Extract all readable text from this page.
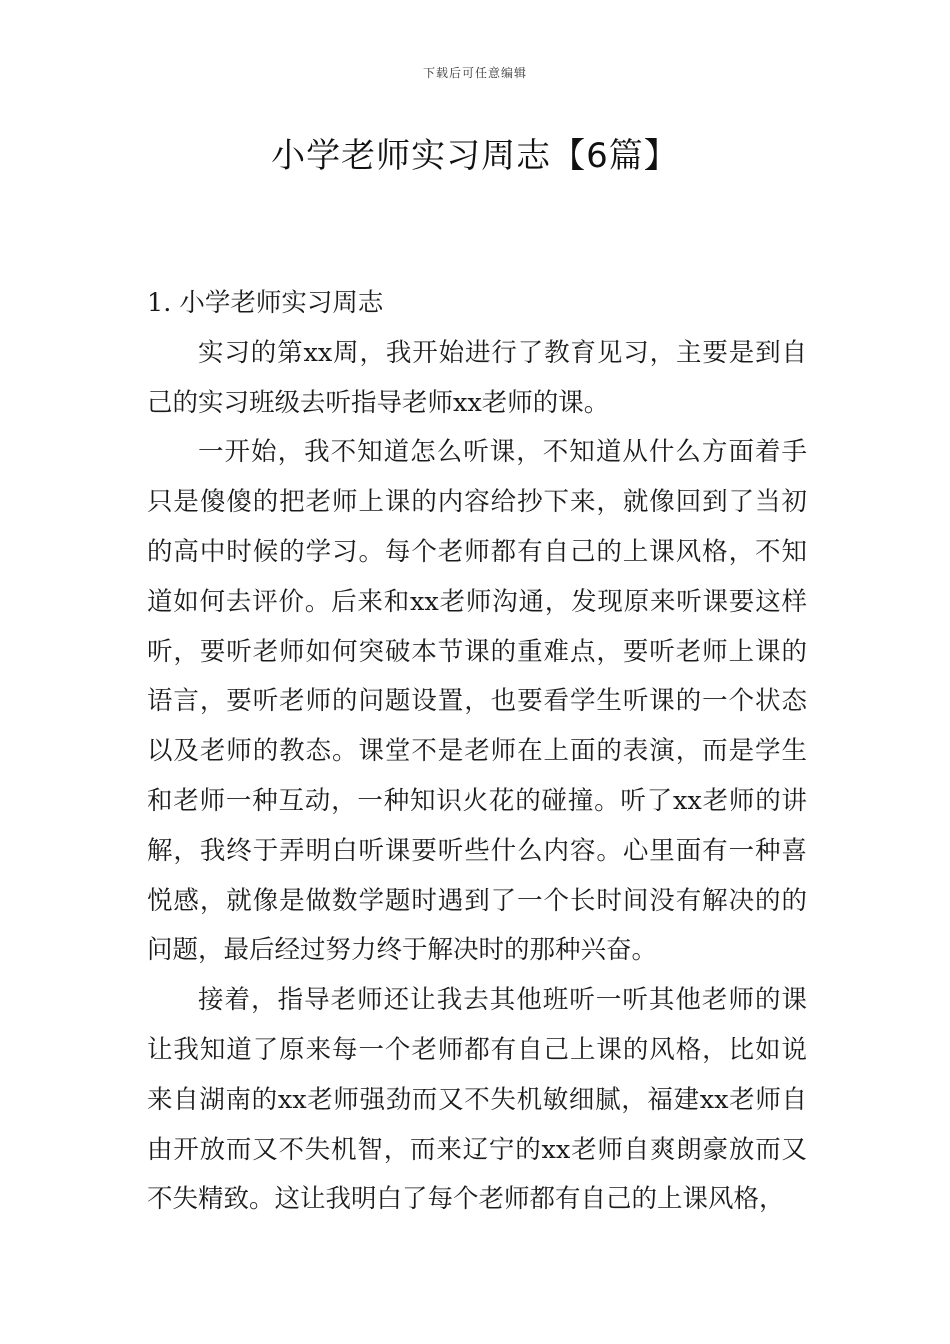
下载后可任意编辑
小学老师实习周志【6篇】
1. 小学老师实习周志

实习的第xx周，我开始进行了教育见习，主要是到自己的实习班级去听指导老师xx老师的课。

一开始，我不知道怎么听课，不知道从什么方面着手只是傻傻的把老师上课的内容给抄下来，就像回到了当初的高中时候的学习。每个老师都有自己的上课风格，不知道如何去评价。后来和xx老师沟通，发现原来听课要这样听，要听老师如何突破本节课的重难点，要听老师上课的语言，要听老师的问题设置，也要看学生听课的一个状态以及老师的教态。课堂不是老师在上面的表演，而是学生和老师一种互动，一种知识火花的碰撞。听了xx老师的讲解，我终于弄明白听课要听些什么内容。心里面有一种喜悦感，就像是做数学题时遇到了一个长时间没有解决的的问题，最后经过努力终于解决时的那种兴奋。

接着，指导老师还让我去其他班听一听其他老师的课让我知道了原来每一个老师都有自己上课的风格，比如说来自湖南的xx老师强劲而又不失机敏细腻，福建xx老师自由开放而又不失机智，而来辽宁的xx老师自爽朗豪放而又不失精致。这让我明白了每个老师都有自己的上课风格，
